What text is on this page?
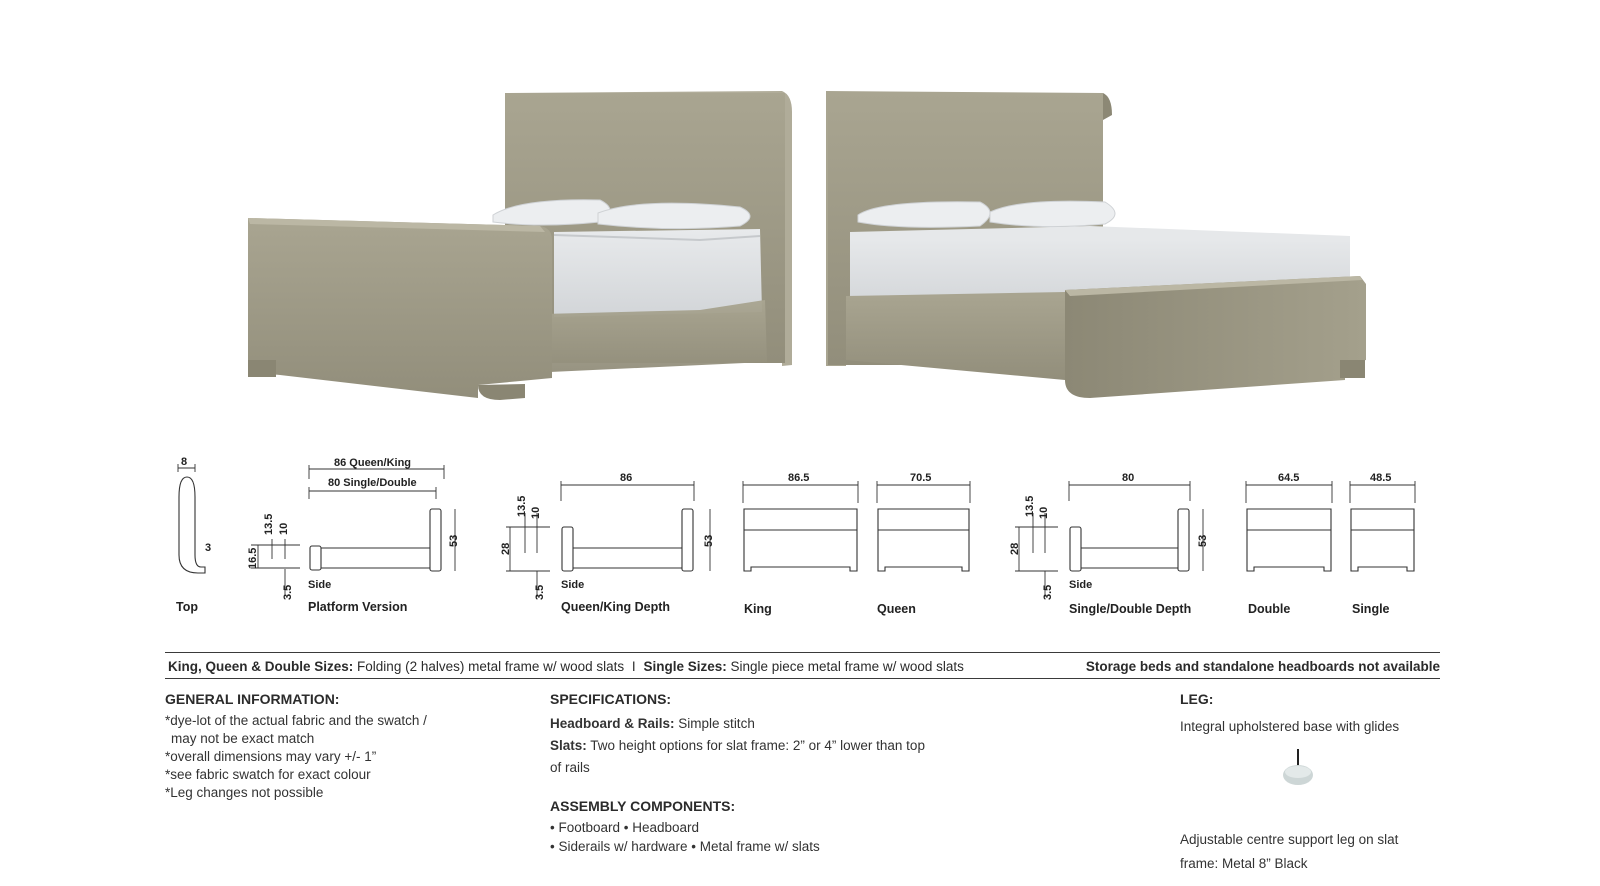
8
3
Top
86 Queen/King
80 Single/Double
53
16.5
13.5 10
3.5 Side
Platform Version
86
53
28
13.5 10
3.5 Side
Queen/King Depth
86.5
King
70.5
Queen
80
53
28
13.5 10
3.5 Side
Single/Double Depth
64.5
Double
48.5
Single
King, Queen & Double Sizes: Folding (2 halves) metal frame w/ wood slats I Single Sizes: Single piece metal frame w/ wood slats	Storage beds and standalone headboards not available
GENERAL INFORMATION:
*dye-lot of the actual fabric and the swatch /
may not be exact match
*overall dimensions may vary +/- 1”
*see fabric swatch for exact colour
*Leg changes not possible
SPECIFICATIONS:
Headboard & Rails: Simple stitch
Slats: Two height options for slat frame: 2” or 4” lower than top
of rails
ASSEMBLY COMPONENTS:
• Footboard • Headboard
• Siderails w/ hardware • Metal frame w/ slats
LEG:
Integral upholstered base with glides
Adjustable centre support leg on slat
frame: Metal 8” Black
